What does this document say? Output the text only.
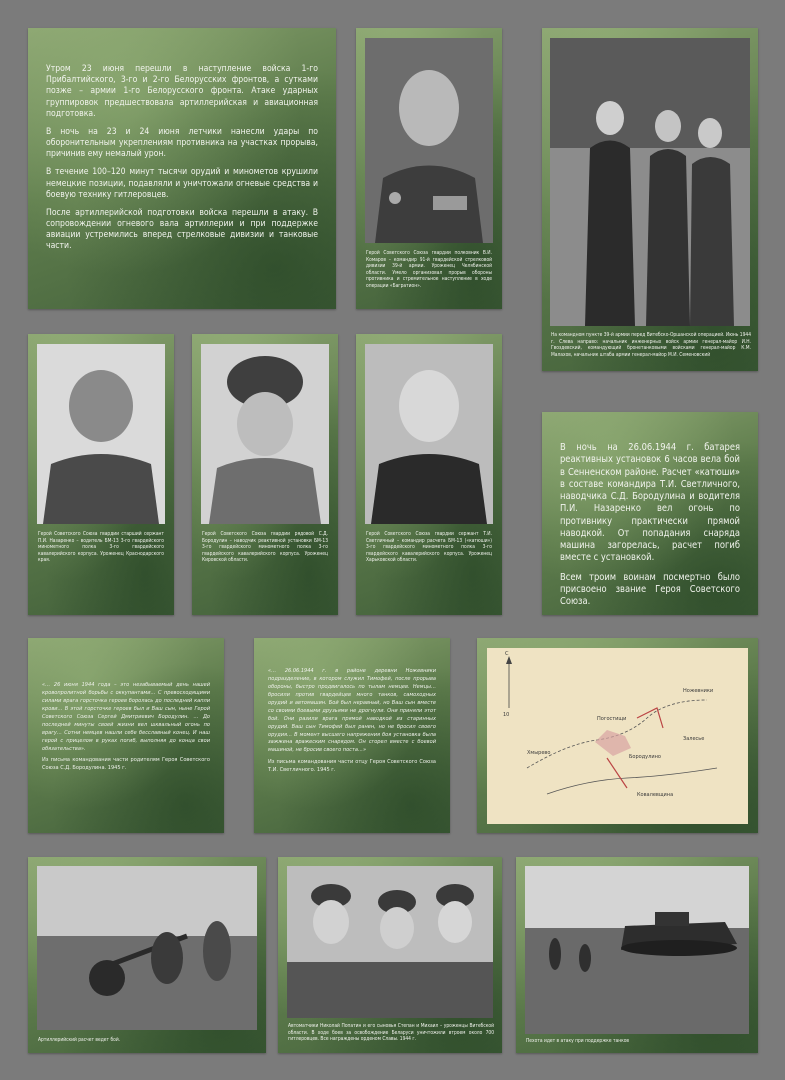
Утром 23 июня перешли в наступление войска 1-го Прибалтийского, 3-го и 2-го Белорусских фронтов, а сутками позже – армии 1-го Белорусского фронта. Атаке ударных группировок предшествовала артиллерийская и авиационная подготовка.

В ночь на 23 и 24 июня летчики нанесли удары по оборонительным укреплениям противника на участках прорыва, причинив ему немалый урон.

В течение 100–120 минут тысячи орудий и минометов крушили немецкие позиции, подавляли и уничтожали огневые средства и боевую технику гитлеровцев.

После артиллерийской подготовки войска перешли в атаку. В сопровождении огневого вала артиллерии и при поддержке авиации устремились вперед стрелковые дивизии и танковые части.

Герой Советского Союза гвардии полковник В.И. Комаров – командир 91-й гвардейской стрелковой дивизии 39-й армии. Уроженец Челябинской области. Умело организовал прорыв обороны противника и стремительное наступление в ходе операции «Багратион».
На командном пункте 39-й армии перед Витебско-Оршанской операцией. Июнь 1944 г. Слева направо: начальник инженерных войск армии генерал-майор И.Н. Гвоздевский, командующий бронетанковыми войсками генерал-майор К.М. Малахов, начальник штаба армии генерал-майор М.И. Семеновский
Герой Советского Союза гвардии старший сержант П.И. Назаренко – водитель БМ-13 3-го гвардейского минометного полка 3-го гвардейского кавалерийского корпуса. Уроженец Краснодарского края.
Герой Советского Союза гвардии рядовой С.Д. Бородулин – наводчик реактивной установки БМ-13 3-го гвардейского минометного полка 3-го гвардейского кавалерийского корпуса. Уроженец Кировской области.
Герой Советского Союза гвардии сержант Т.И. Светличный – командир расчета БМ-13 («катюши») 3-го гвардейского минометного полка 3-го гвардейского кавалерийского корпуса. Уроженец Харьковской области.

В ночь на 26.06.1944 г. батарея реактивных установок 6 часов вела бой в Сенненском районе. Расчет «катюши» в составе командира Т.И. Светличного, наводчика С.Д. Бородулина и водителя П.И. Назаренко вел огонь по противнику практически прямой наводкой. От попадания снаряда машина загорелась, расчет погиб вместе с установкой.

Всем троим воинам посмертно было присвоено звание Героя Советского Союза.

«… 26 июня 1944 года – это незабываемый день нашей кровопролитной борьбы с оккупантами… С превосходящими силами врага горсточка героев боролась до последней капли крови… В этой горсточке героев был и Ваш сын, ныне Герой Советского Союза Сергей Дмитриевич Бородулин. … До последней минуты своей жизни вел шквальный огонь по врагу… Сотни немцев нашли себе бесславный конец. И наш герой с прицелом в руках погиб, выполняя до конца свои обязательства».
Из письма командования части родителям Героя Советского Союза С.Д. Бородулина. 1945 г.
«… 26.06.1944 г. в районе деревни Ножевники подразделение, в котором служил Тимофей, после прорыва обороны, быстро продвигалось по тылам немцев. Немцы… бросили против гвардейцев много танков, самоходных орудий и автомашин. Бой был неравный, но Ваш сын вместе со своими боевыми друзьями не дрогнули. Они приняли этот бой. Они разили врага прямой наводкой из старинных орудий. Ваш сын Тимофей был ранен, но не бросил своего орудия… В момент высшего напряжения боя установка была зажжена вражеским снарядом. Он сгорел вместе с боевой машиной, не бросив своего поста…»
Из письма командования части отцу Героя Советского Союза Т.И. Светличного. 1945 г.
С
10
Ножевники
Хмырево
Бородулино
Погостищи
Ковалевщина
Залесье
Артиллерийский расчет ведет бой.
Автоматчики Николай Попатин и его сыновья Степан и Михаил – уроженцы Витебской области. В ходе боев за освобождение Беларуси уничтожили втроем около 700 гитлеровцев. Все награждены орденом Славы. 1944 г.	Пехота идет в атаку при поддержке танков
